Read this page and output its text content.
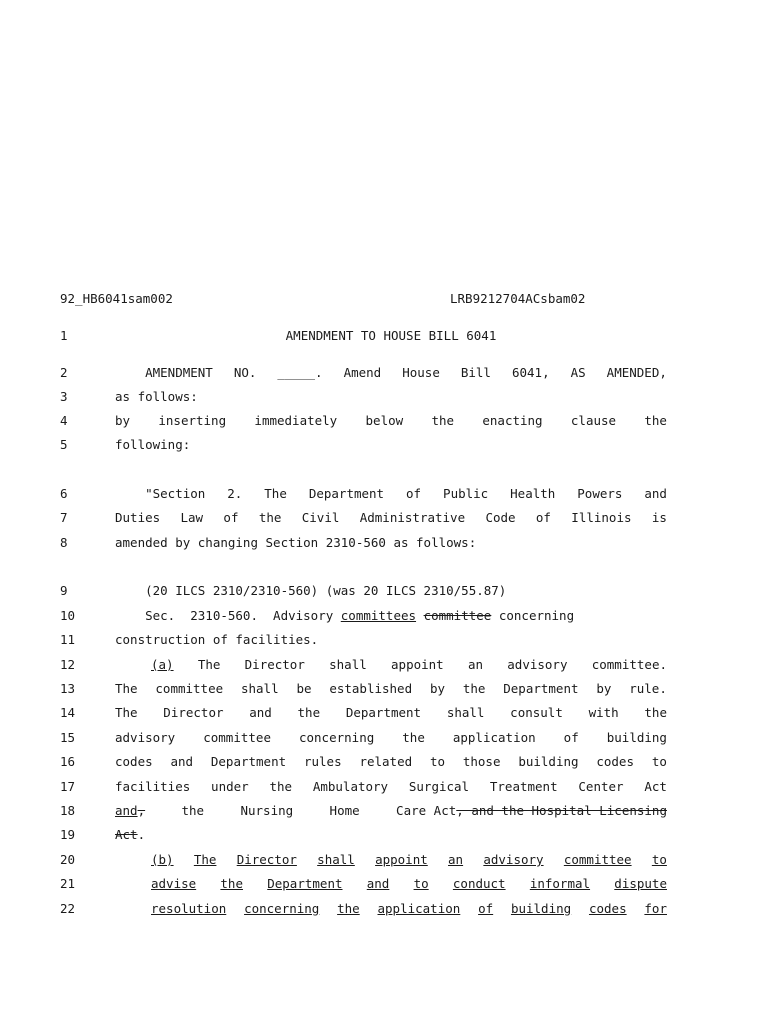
92_HB6041sam002	LRB9212704ACsbam02
1	AMENDMENT TO HOUSE BILL 6041
2	AMENDMENT NO. _____. Amend House Bill 6041, AS AMENDED,
3	as follows:
4	by inserting immediately below the enacting clause the
5	following:
6	"Section 2. The Department of Public Health Powers and
7	Duties Law of the Civil Administrative Code of Illinois is
8	amended by changing Section 2310-560 as follows:
9	(20 ILCS 2310/2310-560) (was 20 ILCS 2310/55.87)
10	Sec.  2310-560.  Advisory committees committee concerning
11	construction of facilities.
12	(a) The Director shall appoint an advisory committee.
13	The committee shall be established by the Department by rule.
14	The Director and the Department shall consult with the
15	advisory committee concerning the application of building
16	codes and Department rules related to those building codes to
17	facilities under the Ambulatory Surgical Treatment Center Act
18	and,	the	Nursing	Home	Care Act, and the Hospital Licensing
19	Act.
20	(b) The Director shall appoint an advisory committee to
21	advise the Department and to conduct informal dispute
22	resolution concerning the application of building codes for
